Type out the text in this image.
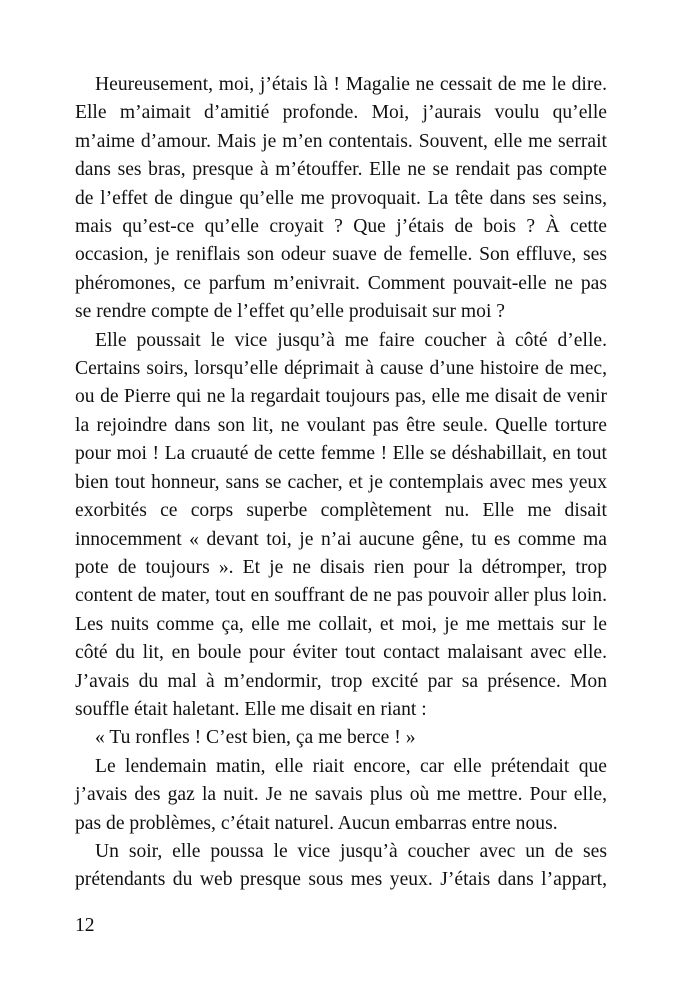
Heureusement, moi, j’étais là ! Magalie ne cessait de me le dire. Elle m’aimait d’amitié profonde. Moi, j’aurais voulu qu’elle m’aime d’amour. Mais je m’en contentais. Souvent, elle me serrait dans ses bras, presque à m’étouffer. Elle ne se rendait pas compte de l’effet de dingue qu’elle me provoquait. La tête dans ses seins, mais qu’est-ce qu’elle croyait ? Que j’étais de bois ? À cette occasion, je reniflais son odeur suave de femelle. Son effluve, ses phéromones, ce parfum m’enivrait. Comment pouvait-elle ne pas se rendre compte de l’effet qu’elle produisait sur moi ?

Elle poussait le vice jusqu’à me faire coucher à côté d’elle. Certains soirs, lorsqu’elle déprimait à cause d’une histoire de mec, ou de Pierre qui ne la regardait toujours pas, elle me disait de venir la rejoindre dans son lit, ne voulant pas être seule. Quelle torture pour moi ! La cruauté de cette femme ! Elle se déshabillait, en tout bien tout honneur, sans se cacher, et je contemplais avec mes yeux exorbités ce corps superbe complètement nu. Elle me disait innocemment « devant toi, je n’ai aucune gêne, tu es comme ma pote de toujours ». Et je ne disais rien pour la détromper, trop content de mater, tout en souffrant de ne pas pouvoir aller plus loin. Les nuits comme ça, elle me collait, et moi, je me mettais sur le côté du lit, en boule pour éviter tout contact malaisant avec elle. J’avais du mal à m’endormir, trop excité par sa présence. Mon souffle était haletant. Elle me disait en riant :

« Tu ronfles ! C’est bien, ça me berce ! »

Le lendemain matin, elle riait encore, car elle prétendait que j’avais des gaz la nuit. Je ne savais plus où me mettre. Pour elle, pas de problèmes, c’était naturel. Aucun embarras entre nous.

Un soir, elle poussa le vice jusqu’à coucher avec un de ses prétendants du web presque sous mes yeux. J’étais dans l’appart,

12
